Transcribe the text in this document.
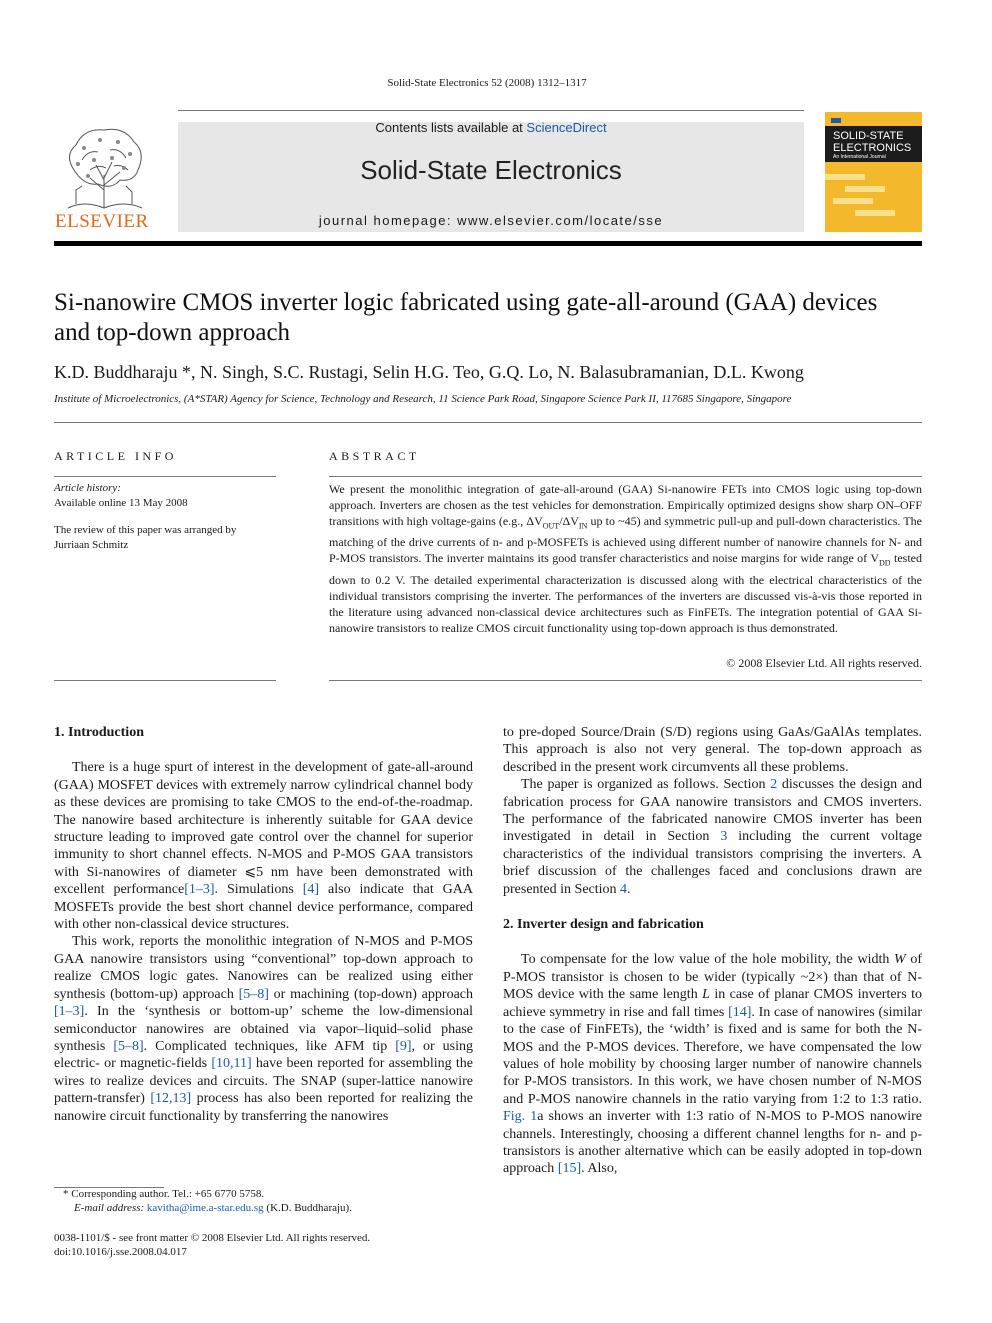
Solid-State Electronics 52 (2008) 1312–1317
ELSEVIER
Contents lists available at ScienceDirect
Solid-State Electronics
journal homepage: www.elsevier.com/locate/sse
SOLID-STATE
ELECTRONICS
An International Journal
Si-nanowire CMOS inverter logic fabricated using gate-all-around (GAA) devices
and top-down approach
K.D. Buddharaju *, N. Singh, S.C. Rustagi, Selin H.G. Teo, G.Q. Lo, N. Balasubramanian, D.L. Kwong
Institute of Microelectronics, (A*STAR) Agency for Science, Technology and Research, 11 Science Park Road, Singapore Science Park II, 117685 Singapore, Singapore
ARTICLE INFO
Article history:
Available online 13 May 2008
The review of this paper was arranged by
Jurriaan Schmitz
ABSTRACT
We present the monolithic integration of gate-all-around (GAA) Si-nanowire FETs into CMOS logic using top-down approach. Inverters are chosen as the test vehicles for demonstration. Empirically optimized designs show sharp ON–OFF transitions with high voltage-gains (e.g., $\Delta V_{OUT}/\Delta V_{IN}$ up to ~45) and symmetric pull-up and pull-down characteristics. The matching of the drive currents of n- and p-MOSFETs is achieved using different number of nanowire channels for N- and P-MOS transistors. The inverter maintains its good transfer characteristics and noise margins for wide range of $V_{DD}$ tested down to 0.2 V. The detailed experimental characterization is discussed along with the electrical characteristics of the individual transistors comprising the inverter. The performances of the inverters are discussed vis-à-vis those reported in the literature using advanced non-classical device architectures such as FinFETs. The integration potential of GAA Si-nanowire transistors to realize CMOS circuit functionality using top-down approach is thus demonstrated.
© 2008 Elsevier Ltd. All rights reserved.

1. Introduction

There is a huge spurt of interest in the development of gate-all-around (GAA) MOSFET devices with extremely narrow cylindrical channel body as these devices are promising to take CMOS to the end-of-the-roadmap. The nanowire based architecture is inherently suitable for GAA device structure leading to improved gate control over the channel for superior immunity to short channel effects. N-MOS and P-MOS GAA transistors with Si-nanowires of diameter ⩽5 nm have been demonstrated with excellent performance[1–3]. Simulations [4] also indicate that GAA MOSFETs provide the best short channel device performance, compared with other non-classical device structures.

This work, reports the monolithic integration of N-MOS and P-MOS GAA nanowire transistors using “conventional” top-down approach to realize CMOS logic gates. Nanowires can be realized using either synthesis (bottom-up) approach [5–8] or machining (top-down) approach [1–3]. In the ‘synthesis or bottom-up’ scheme the low-dimensional semiconductor nanowires are obtained via vapor–liquid–solid phase synthesis [5–8]. Complicated techniques, like AFM tip [9], or using electric- or magnetic-fields [10,11] have been reported for assembling the wires to realize devices and circuits. The SNAP (super-lattice nanowire pattern-transfer) [12,13] process has also been reported for realizing the nanowire circuit functionality by transferring the nanowires

to pre-doped Source/Drain (S/D) regions using GaAs/GaAlAs templates. This approach is also not very general. The top-down approach as described in the present work circumvents all these problems.

The paper is organized as follows. Section 2 discusses the design and fabrication process for GAA nanowire transistors and CMOS inverters. The performance of the fabricated nanowire CMOS inverter has been investigated in detail in Section 3 including the current voltage characteristics of the individual transistors comprising the inverters. A brief discussion of the challenges faced and conclusions drawn are presented in Section 4.

2. Inverter design and fabrication

To compensate for the low value of the hole mobility, the width W of P-MOS transistor is chosen to be wider (typically ~2×) than that of N-MOS device with the same length L in case of planar CMOS inverters to achieve symmetry in rise and fall times [14]. In case of nanowires (similar to the case of FinFETs), the ‘width’ is fixed and is same for both the N-MOS and the P-MOS devices. Therefore, we have compensated the low values of hole mobility by choosing larger number of nanowire channels for P-MOS transistors. In this work, we have chosen number of N-MOS and P-MOS nanowire channels in the ratio varying from 1:2 to 1:3 ratio. Fig. 1a shows an inverter with 1:3 ratio of N-MOS to P-MOS nanowire channels. Interestingly, choosing a different channel lengths for n- and p-transistors is another alternative which can be easily adopted in top-down approach [15]. Also,

* Corresponding author. Tel.: +65 6770 5758.
E-mail address: kavitha@ime.a-star.edu.sg (K.D. Buddharaju).
0038-1101/$ - see front matter © 2008 Elsevier Ltd. All rights reserved.
doi:10.1016/j.sse.2008.04.017
